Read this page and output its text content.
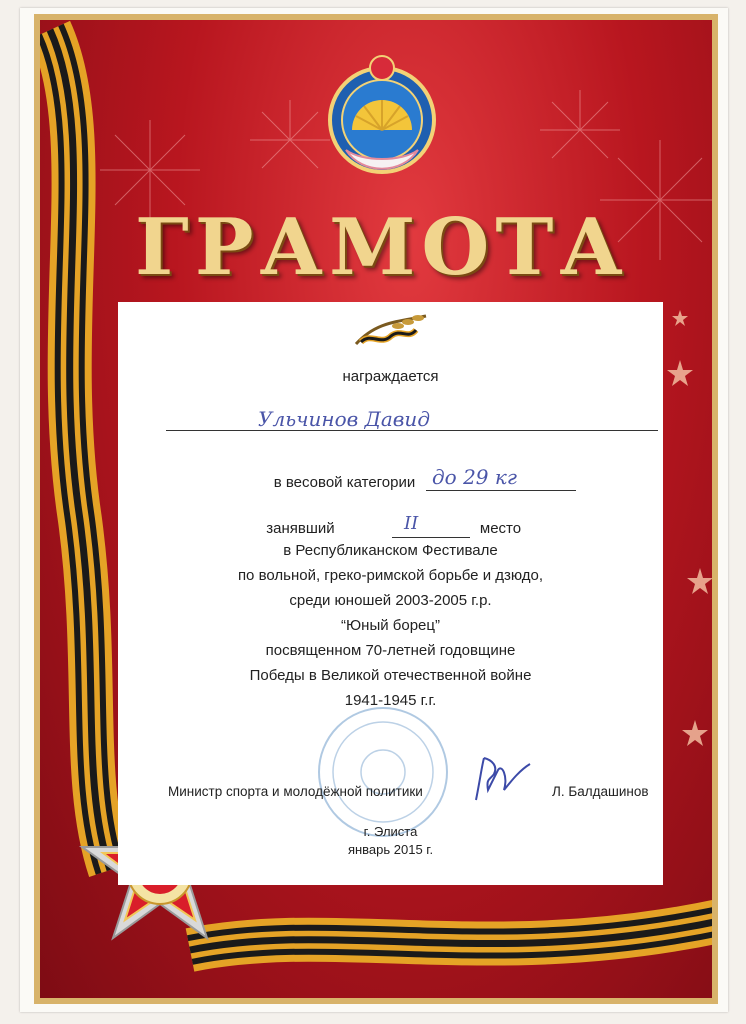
ГРАМОТА
награждается
Ульчинов Давид
в весовой категории до 29 кг
занявший	II	место
в Республиканском Фестивале
по вольной, греко-римской борьбе и дзюдо,
среди юношей 2003-2005 г.р.
“Юный борец”
посвященном 70-летней годовщине
Победы в Великой отечественной войне
1941-1945 г.г.
Министр спорта и молодёжной политики	Л. Балдашинов
г. Элиста
январь 2015 г.
